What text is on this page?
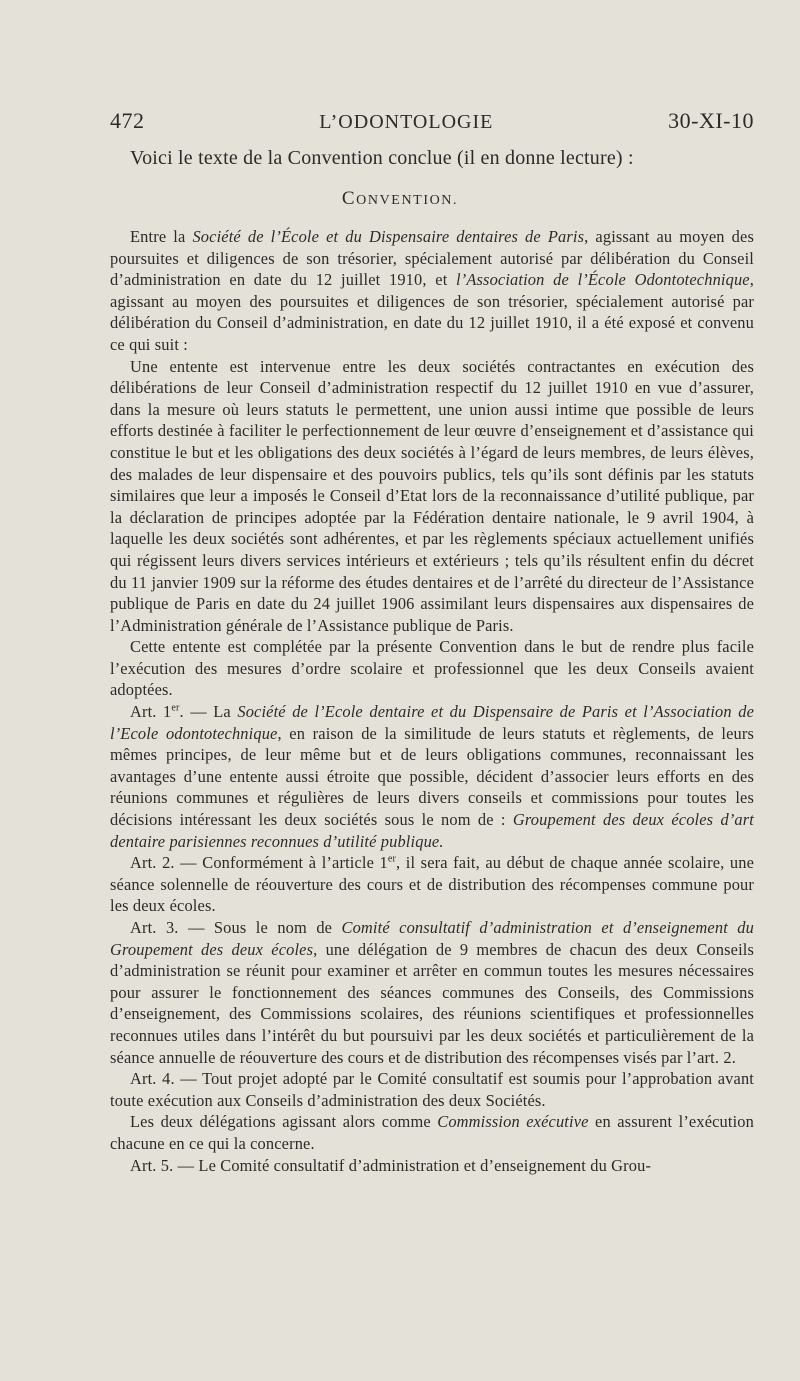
472	L’ODONTOLOGIE	30-XI-10
Voici le texte de la Convention conclue (il en donne lecture) :
CONVENTION.

Entre la Société de l’École et du Dispensaire dentaires de Paris, agissant au moyen des poursuites et diligences de son trésorier, spécialement autorisé par délibération du Conseil d’administration en date du 12 juillet 1910, et l’Association de l’École Odontotechnique, agissant au moyen des poursuites et diligences de son trésorier, spécialement autorisé par délibération du Conseil d’administration, en date du 12 juillet 1910, il a été exposé et convenu ce qui suit :

Une entente est intervenue entre les deux sociétés contractantes en exécution des délibérations de leur Conseil d’administration respectif du 12 juillet 1910 en vue d’assurer, dans la mesure où leurs statuts le permettent, une union aussi intime que possible de leurs efforts destinée à faciliter le perfectionnement de leur œuvre d’enseignement et d’assistance qui constitue le but et les obligations des deux sociétés à l’égard de leurs membres, de leurs élèves, des malades de leur dispensaire et des pouvoirs publics, tels qu’ils sont définis par les statuts similaires que leur a imposés le Conseil d’Etat lors de la reconnaissance d’utilité publique, par la déclaration de principes adoptée par la Fédération dentaire nationale, le 9 avril 1904, à laquelle les deux sociétés sont adhérentes, et par les règlements spéciaux actuellement unifiés qui régissent leurs divers services intérieurs et extérieurs ; tels qu’ils résultent enfin du décret du 11 janvier 1909 sur la réforme des études dentaires et de l’arrêté du directeur de l’Assistance publique de Paris en date du 24 juillet 1906 assimilant leurs dispensaires aux dispensaires de l’Administration générale de l’Assistance publique de Paris.

Cette entente est complétée par la présente Convention dans le but de rendre plus facile l’exécution des mesures d’ordre scolaire et professionnel que les deux Conseils avaient adoptées.

Art. 1er. — La Société de l’Ecole dentaire et du Dispensaire de Paris et l’Association de l’Ecole odontotechnique, en raison de la similitude de leurs statuts et règlements, de leurs mêmes principes, de leur même but et de leurs obligations communes, reconnaissant les avantages d’une entente aussi étroite que possible, décident d’associer leurs efforts en des réunions communes et régulières de leurs divers conseils et commissions pour toutes les décisions intéressant les deux sociétés sous le nom de : Groupement des deux écoles d’art dentaire parisiennes reconnues d’utilité publique.

Art. 2. — Conformément à l’article 1er, il sera fait, au début de chaque année scolaire, une séance solennelle de réouverture des cours et de distribution des récompenses commune pour les deux écoles.

Art. 3. — Sous le nom de Comité consultatif d’administration et d’enseignement du Groupement des deux écoles, une délégation de 9 membres de chacun des deux Conseils d’administration se réunit pour examiner et arrêter en commun toutes les mesures nécessaires pour assurer le fonctionnement des séances communes des Conseils, des Commissions d’enseignement, des Commissions scolaires, des réunions scientifiques et professionnelles reconnues utiles dans l’intérêt du but poursuivi par les deux sociétés et particulièrement de la séance annuelle de réouverture des cours et de distribution des récompenses visés par l’art. 2.

Art. 4. — Tout projet adopté par le Comité consultatif est soumis pour l’approbation avant toute exécution aux Conseils d’administration des deux Sociétés.

Les deux délégations agissant alors comme Commission exécutive en assurent l’exécution chacune en ce qui la concerne.

Art. 5. — Le Comité consultatif d’administration et d’enseignement du Grou-
